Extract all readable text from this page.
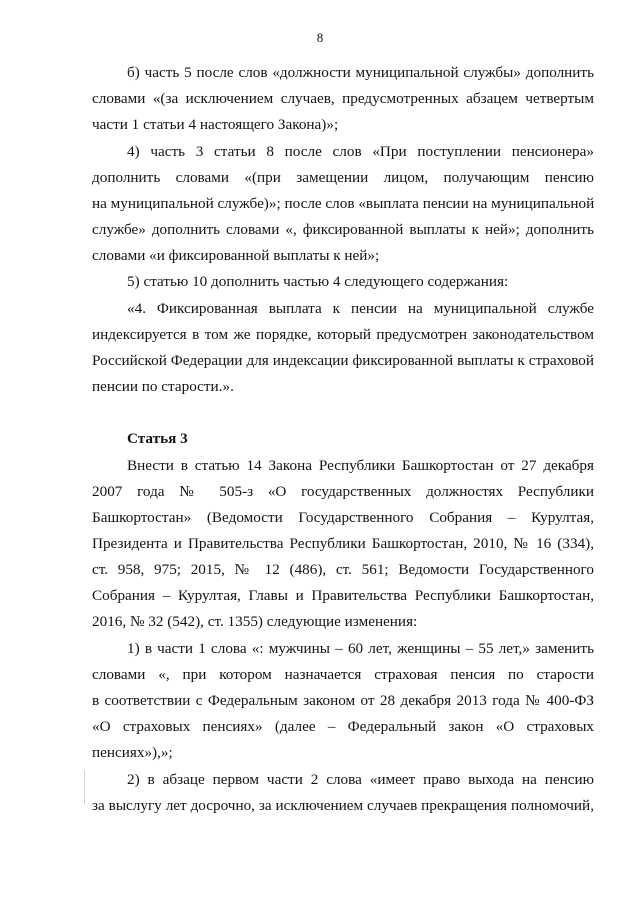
8
б) часть 5 после слов «должности муниципальной службы» дополнить
словами «(за исключением случаев, предусмотренных абзацем четвертым
части 1 статьи 4 настоящего Закона)»;
4) часть 3 статьи 8 после слов «При поступлении пенсионера»
дополнить словами «(при замещении лицом, получающим пенсию
на муниципальной службе)»; после слов «выплата пенсии на муниципальной
службе» дополнить словами «, фиксированной выплаты к ней»; дополнить
словами «и фиксированной выплаты к ней»;
5) статью 10 дополнить частью 4 следующего содержания:
«4. Фиксированная выплата к пенсии на муниципальной службе
индексируется в том же порядке, который предусмотрен законодательством
Российской Федерации для индексации фиксированной выплаты к страховой
пенсии по старости.».
Статья 3
Внести в статью 14 Закона Республики Башкортостан от 27 декабря
2007 года № 505-з «О государственных должностях Республики
Башкортостан» (Ведомости Государственного Собрания – Курултая,
Президента и Правительства Республики Башкортостан, 2010, № 16 (334),
ст. 958, 975; 2015, № 12 (486), ст. 561; Ведомости Государственного
Собрания – Курултая, Главы и Правительства Республики Башкортостан,
2016, № 32 (542), ст. 1355) следующие изменения:
1) в части 1 слова «: мужчины – 60 лет, женщины – 55 лет,» заменить
словами «, при котором назначается страховая пенсия по старости
в соответствии с Федеральным законом от 28 декабря 2013 года № 400-ФЗ
«О страховых пенсиях» (далее – Федеральный закон «О страховых
пенсиях»),»;
2) в абзаце первом части 2 слова «имеет право выхода на пенсию
за выслугу лет досрочно, за исключением случаев прекращения полномочий,
